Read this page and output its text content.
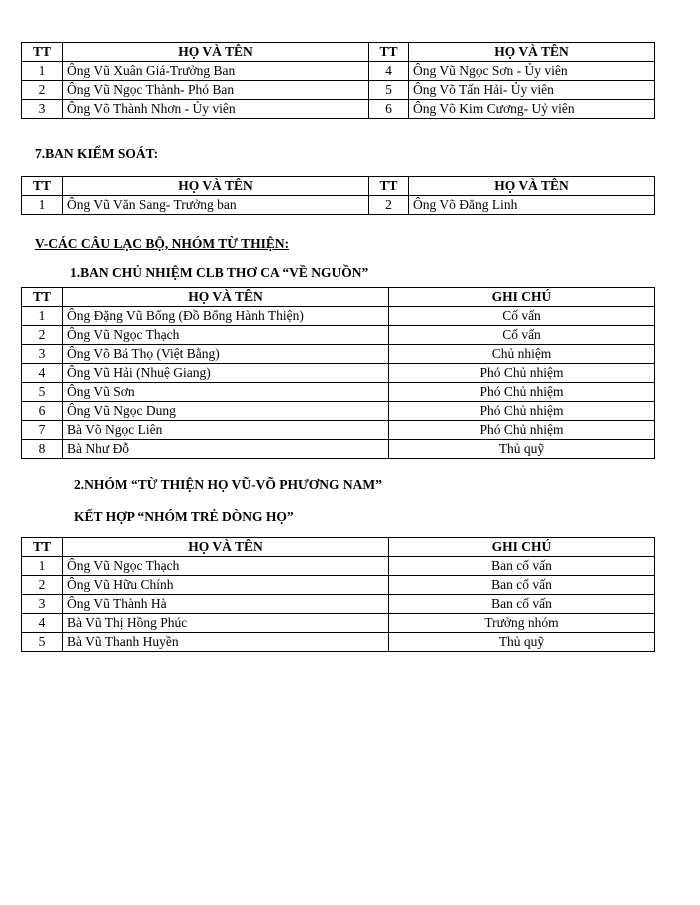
TT	HỌ VÀ TÊN	TT	HỌ VÀ TÊN
1	Ông Vũ Xuân Giá-Trưởng Ban	4	Ông Vũ Ngọc Sơn - Ủy viên
2	Ông Vũ Ngọc Thành- Phó Ban	5	Ông Võ Tấn Hải- Ủy viên
3	Ông Võ Thành Nhơn - Ủy viên	6	Ông Võ Kim Cương- Uỷ viên
7.BAN KIỂM SOÁT:
TT	HỌ VÀ TÊN	TT	HỌ VÀ TÊN
1	Ông Vũ Văn Sang- Trưởng ban	2	Ông Võ Đăng Linh
V-CÁC CÂU LẠC BỘ, NHÓM TỪ THIỆN:
1.BAN CHỦ NHIỆM CLB THƠ CA “VỀ NGUỒN”
TT	HỌ VÀ TÊN	GHI CHÚ
1	Ông Đặng Vũ Bổng (Đồ Bổng Hành Thiện)	Cố vấn
2	Ông Vũ Ngọc Thạch	Cố vấn
3	Ông Võ Bá Thọ (Việt Bằng)	Chủ nhiệm
4	Ông Vũ Hải (Nhuệ Giang)	Phó Chủ nhiệm
5	Ông Vũ Sơn	Phó Chủ nhiệm
6	Ông Vũ Ngọc Dung	Phó Chủ nhiệm
7	Bà Võ Ngọc Liên	Phó Chủ nhiệm
8	Bà Như Đỗ	Thủ quỹ
2.NHÓM “TỪ THIỆN HỌ VŨ-VÕ PHƯƠNG NAM”
KẾT HỢP “NHÓM TRẺ DÒNG HỌ”
TT	HỌ VÀ TÊN	GHI CHÚ
1	Ông Vũ Ngọc Thạch	Ban cố vấn
2	Ông Vũ Hữu Chính	Ban cố vấn
3	Ông Vũ Thành Hà	Ban cố vấn
4	Bà Vũ Thị Hồng Phúc	Trưởng nhóm
5	Bà Vũ Thanh Huyền	Thủ quỹ
